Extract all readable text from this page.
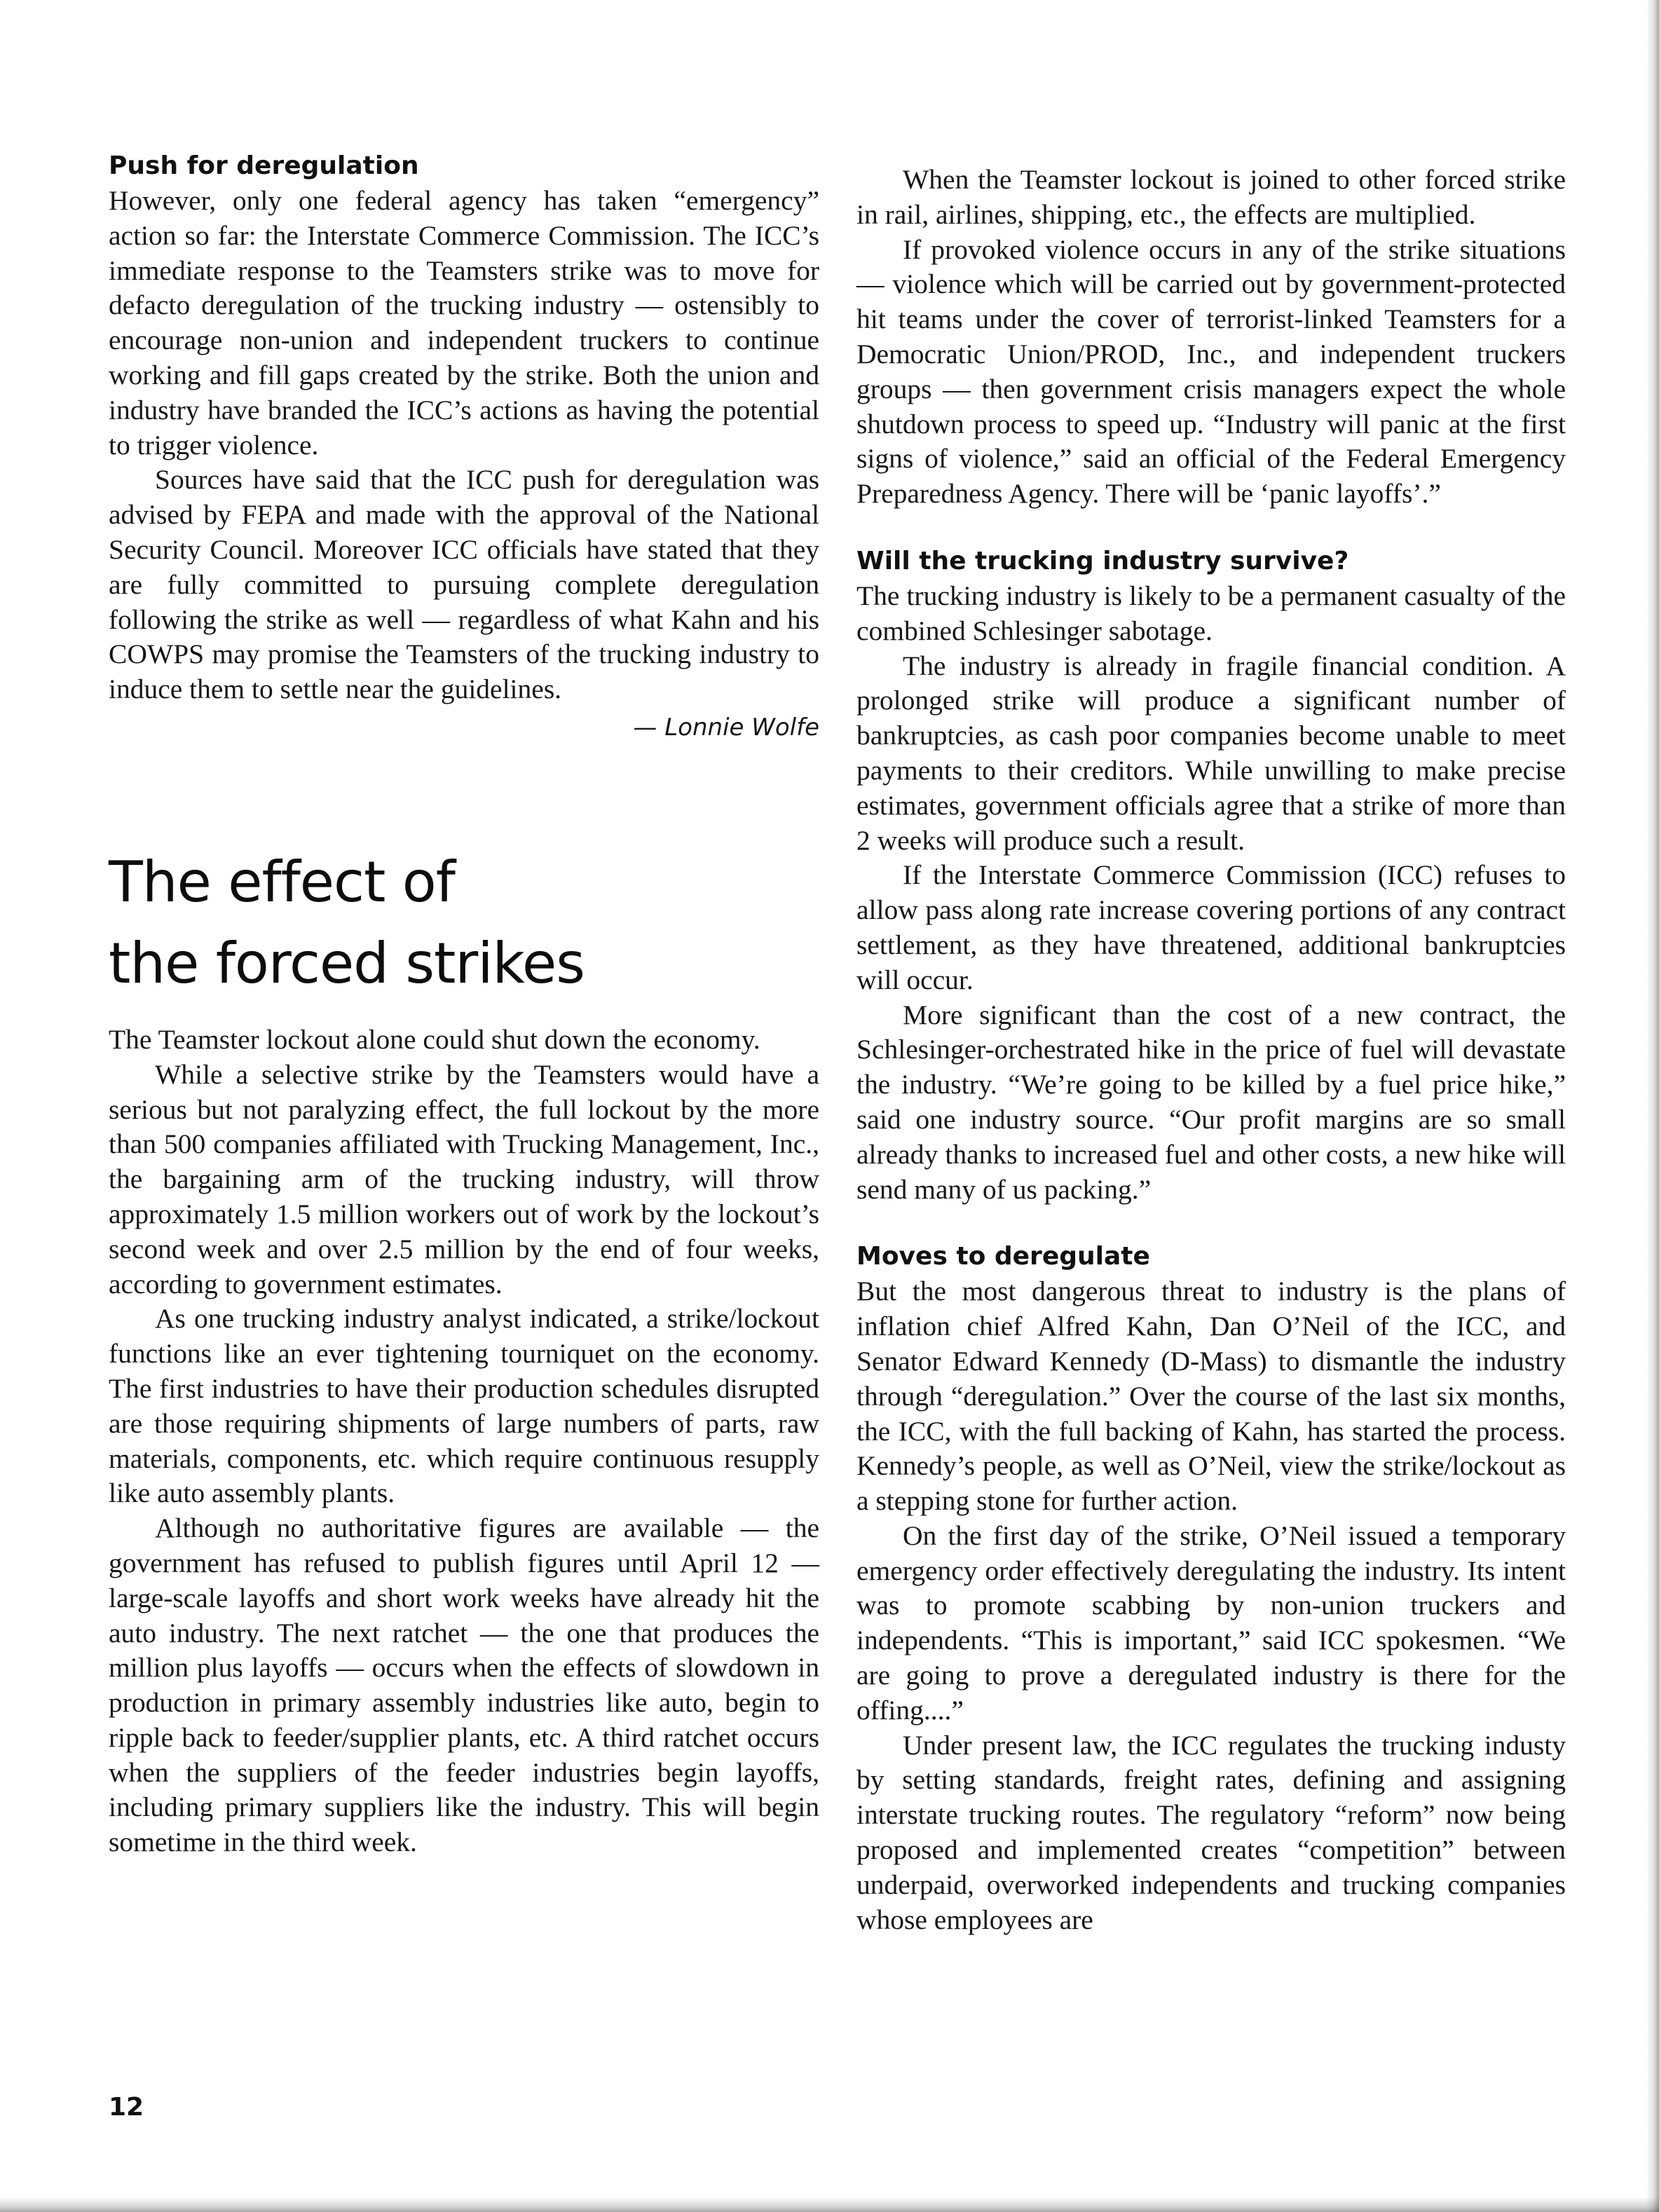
Push for deregulation

However, only one federal agency has taken “emergency” action so far: the Interstate Commerce Commission. The ICC’s immediate response to the Teamsters strike was to move for defacto deregulation of the trucking industry — ostensibly to encourage non-union and independent truckers to continue working and fill gaps created by the strike. Both the union and industry have branded the ICC’s actions as having the potential to trigger violence.

Sources have said that the ICC push for deregulation was advised by FEPA and made with the approval of the National Security Council. Moreover ICC officials have stated that they are fully committed to pursuing complete deregulation following the strike as well — regardless of what Kahn and his COWPS may promise the Teamsters of the trucking industry to induce them to settle near the guidelines.

— Lonnie Wolfe

The effect of
the forced strikes

The Teamster lockout alone could shut down the economy.

While a selective strike by the Teamsters would have a serious but not paralyzing effect, the full lockout by the more than 500 companies affiliated with Trucking Management, Inc., the bargaining arm of the trucking industry, will throw approximately 1.5 million workers out of work by the lockout’s second week and over 2.5 million by the end of four weeks, according to government estimates.

As one trucking industry analyst indicated, a strike/lockout functions like an ever tightening tourniquet on the economy. The first industries to have their production schedules disrupted are those requiring shipments of large numbers of parts, raw materials, components, etc. which require continuous resupply like auto assembly plants.

Although no authoritative figures are available — the government has refused to publish figures until April 12 — large-scale layoffs and short work weeks have already hit the auto industry. The next ratchet — the one that produces the million plus layoffs — occurs when the effects of slowdown in production in primary assembly industries like auto, begin to ripple back to feeder/supplier plants, etc. A third ratchet occurs when the suppliers of the feeder industries begin layoffs, including primary suppliers like the industry. This will begin sometime in the third week.

When the Teamster lockout is joined to other forced strike in rail, airlines, shipping, etc., the effects are multiplied.

If provoked violence occurs in any of the strike situations — violence which will be carried out by government-protected hit teams under the cover of terrorist-linked Teamsters for a Democratic Union/PROD, Inc., and independent truckers groups — then government crisis managers expect the whole shutdown process to speed up. “Industry will panic at the first signs of violence,” said an official of the Federal Emergency Preparedness Agency. There will be ‘panic layoffs’.”

Will the trucking industry survive?

The trucking industry is likely to be a permanent casualty of the combined Schlesinger sabotage.

The industry is already in fragile financial condition. A prolonged strike will produce a significant number of bankruptcies, as cash poor companies become unable to meet payments to their creditors. While unwilling to make precise estimates, government officials agree that a strike of more than 2 weeks will produce such a result.

If the Interstate Commerce Commission (ICC) refuses to allow pass along rate increase covering portions of any contract settlement, as they have threatened, additional bankruptcies will occur.

More significant than the cost of a new contract, the Schlesinger-orchestrated hike in the price of fuel will devastate the industry. “We’re going to be killed by a fuel price hike,” said one industry source. “Our profit margins are so small already thanks to increased fuel and other costs, a new hike will send many of us packing.”

Moves to deregulate

But the most dangerous threat to industry is the plans of inflation chief Alfred Kahn, Dan O’Neil of the ICC, and Senator Edward Kennedy (D-Mass) to dismantle the industry through “deregulation.” Over the course of the last six months, the ICC, with the full backing of Kahn, has started the process. Kennedy’s people, as well as O’Neil, view the strike/lockout as a stepping stone for further action.

On the first day of the strike, O’Neil issued a temporary emergency order effectively deregulating the industry. Its intent was to promote scabbing by non-union truckers and independents. “This is important,” said ICC spokesmen. “We are going to prove a deregulated industry is there for the offing....”

Under present law, the ICC regulates the trucking industy by setting standards, freight rates, defining and assigning interstate trucking routes. The regulatory “reform” now being proposed and implemented creates “competition” between underpaid, overworked independents and trucking companies whose employees are

12
